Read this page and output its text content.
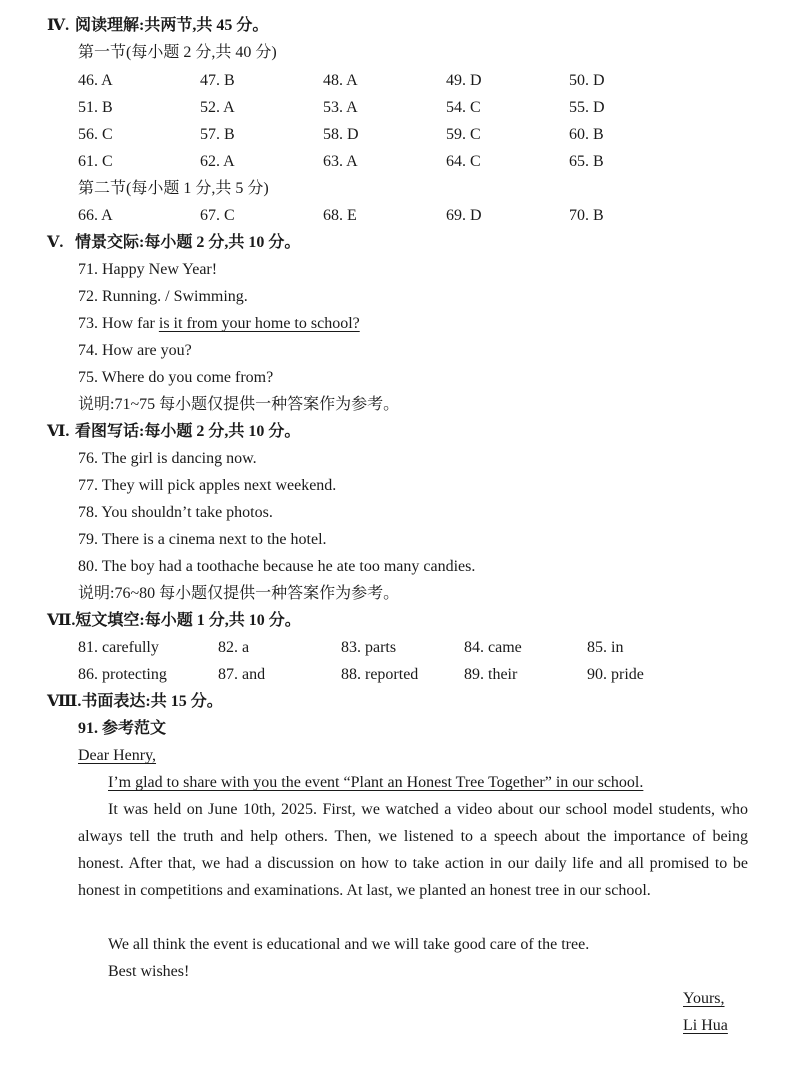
Ⅳ. 阅读理解:共两节,共 45 分。
第一节(每小题 2 分,共 40 分)
46. A	47. B	48. A	49. D	50. D
51. B	52. A	53. A	54. C	55. D
56. C	57. B	58. D	59. C	60. B
61. C	62. A	63. A	64. C	65. B
第二节(每小题 1 分,共 5 分)
66. A	67. C	68. E	69. D	70. B
Ⅴ. 情景交际:每小题 2 分,共 10 分。
71. Happy New Year!
72. Running. / Swimming.
73. How far is it from your home to school?
74. How are you?
75. Where do you come from?
说明:71~75 每小题仅提供一种答案作为参考。
Ⅵ. 看图写话:每小题 2 分,共 10 分。
76. The girl is dancing now.
77. They will pick apples next weekend.
78. You shouldn’t take photos.
79. There is a cinema next to the hotel.
80. The boy had a toothache because he ate too many candies.
说明:76~80 每小题仅提供一种答案作为参考。
Ⅶ.短文填空:每小题 1 分,共 10 分。
81. carefully	82. a	83. parts	84. came	85. in
86. protecting	87. and	88. reported	89. their	90. pride
Ⅷ.书面表达:共 15 分。
91. 参考范文
Dear Henry,
I’m glad to share with you the event “Plant an Honest Tree Together” in our school.
It was held on June 10th, 2025. First, we watched a video about our school model students, who always tell the truth and help others. Then, we listened to a speech about the importance of being honest. After that, we had a discussion on how to take action in our daily life and all promised to be honest in competitions and examinations. At last, we planted an honest tree in our school.
We all think the event is educational and we will take good care of the tree.
Best wishes!
Yours,
Li Hua
